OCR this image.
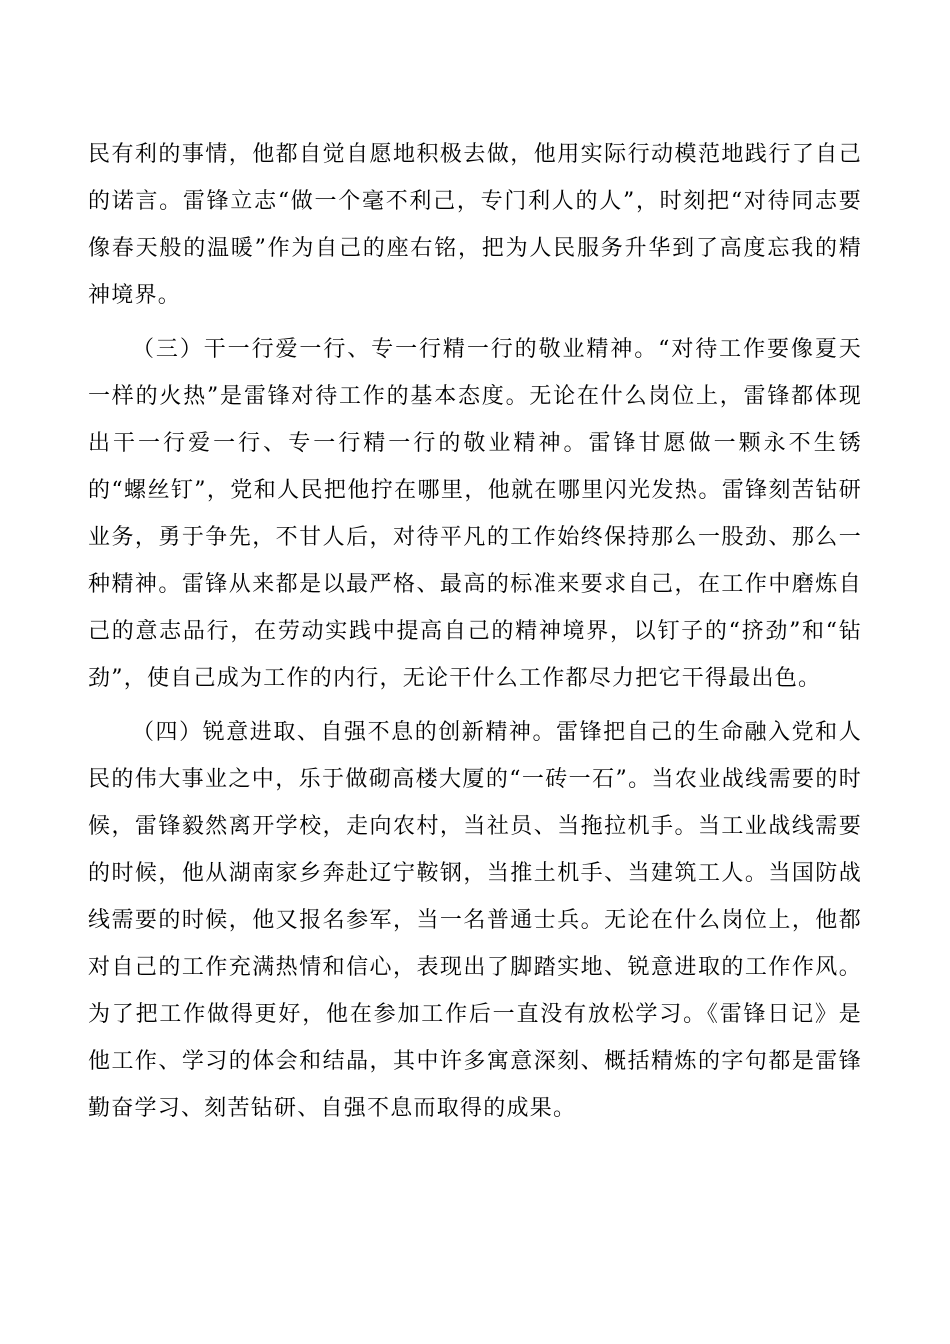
民有利的事情，他都自觉自愿地积极去做，他用实际行动模范地践行了自己的诺言。雷锋立志“做一个毫不利己，专门利人的人”，时刻把“对待同志要像春天般的温暖”作为自己的座右铭，把为人民服务升华到了高度忘我的精神境界。

（三）干一行爱一行、专一行精一行的敬业精神。“对待工作要像夏天一样的火热”是雷锋对待工作的基本态度。无论在什么岗位上，雷锋都体现出干一行爱一行、专一行精一行的敬业精神。雷锋甘愿做一颗永不生锈的“螺丝钉”，党和人民把他拧在哪里，他就在哪里闪光发热。雷锋刻苦钻研业务，勇于争先，不甘人后，对待平凡的工作始终保持那么一股劲、那么一种精神。雷锋从来都是以最严格、最高的标准来要求自己，在工作中磨炼自己的意志品行，在劳动实践中提高自己的精神境界，以钉子的“挤劲”和“钻劲”，使自己成为工作的内行，无论干什么工作都尽力把它干得最出色。

（四）锐意进取、自强不息的创新精神。雷锋把自己的生命融入党和人民的伟大事业之中，乐于做砌高楼大厦的“一砖一石”。当农业战线需要的时候，雷锋毅然离开学校，走向农村，当社员、当拖拉机手。当工业战线需要的时候，他从湖南家乡奔赴辽宁鞍钢，当推土机手、当建筑工人。当国防战线需要的时候，他又报名参军，当一名普通士兵。无论在什么岗位上，他都对自己的工作充满热情和信心，表现出了脚踏实地、锐意进取的工作作风。为了把工作做得更好，他在参加工作后一直没有放松学习。《雷锋日记》是他工作、学习的体会和结晶，其中许多寓意深刻、概括精炼的字句都是雷锋勤奋学习、刻苦钻研、自强不息而取得的成果。
